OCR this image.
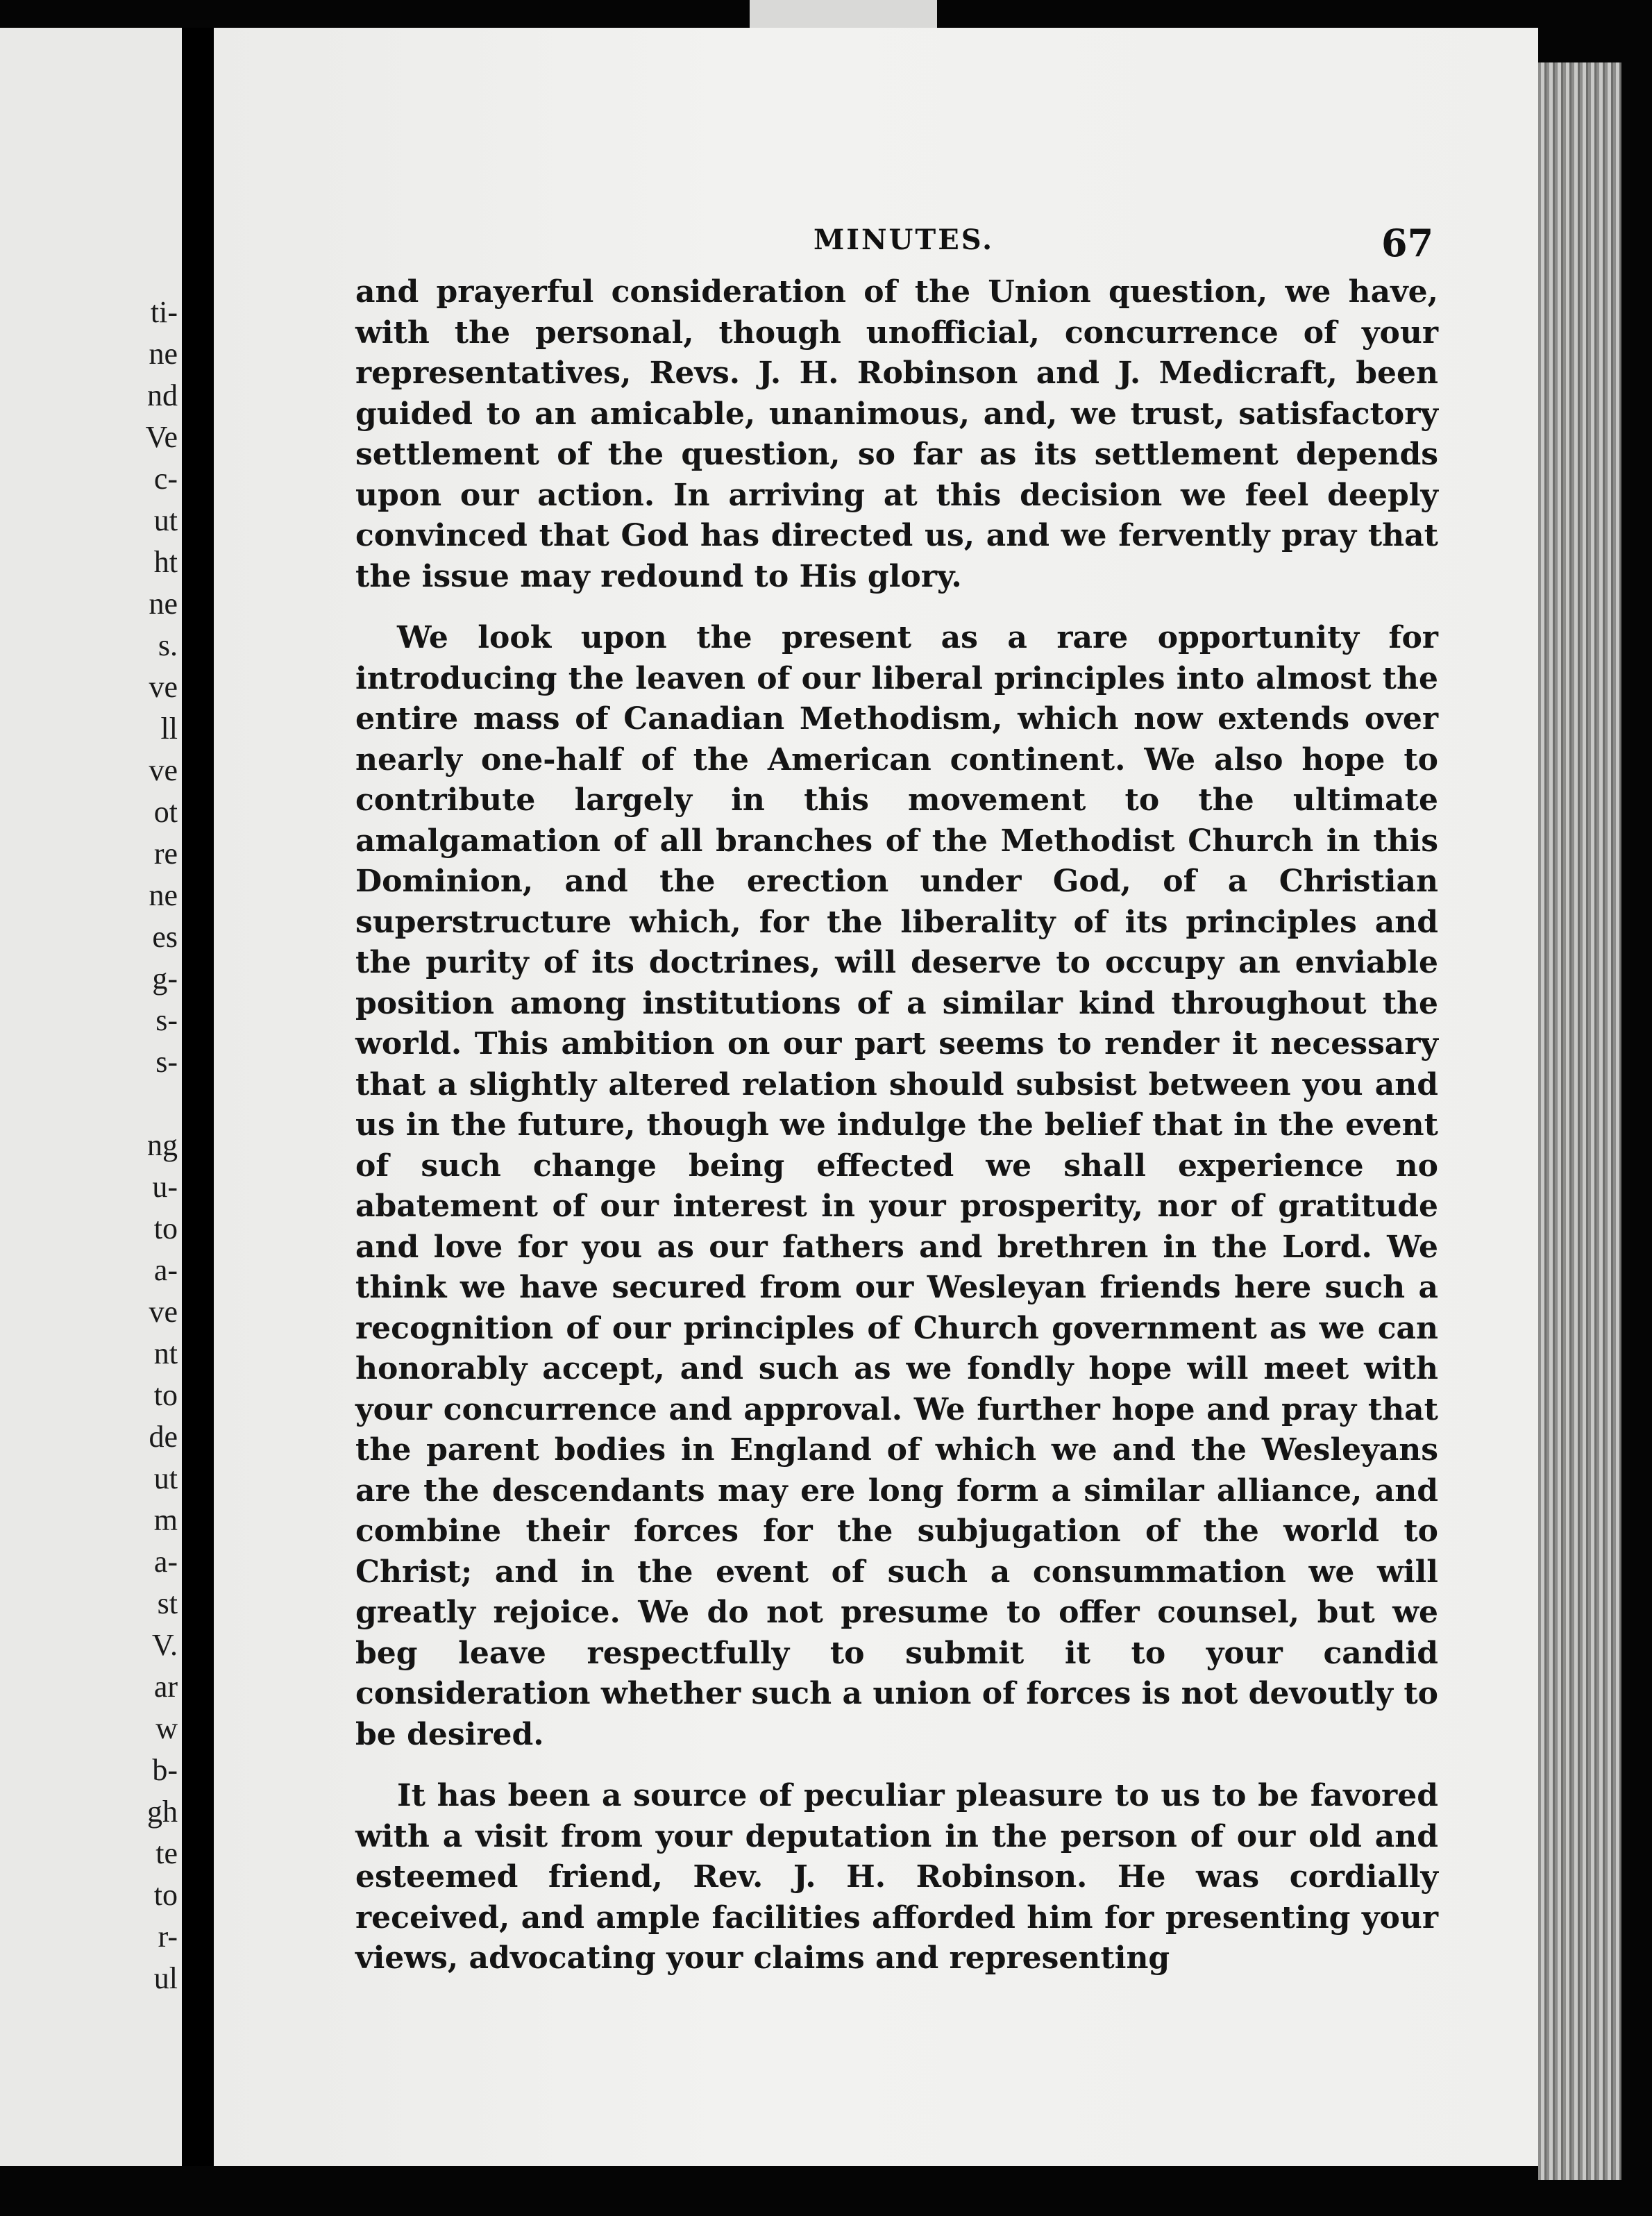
ti-
ne
nd
Ve
c-
ut
ht
ne
s.
ve
ll
ve
ot
re
ne
es
g-
s-
s-
ng
u-
to
a-
ve
nt
to
de
ut
m
a-
st
V.
ar
w
b-
gh
te
to
r-
ul
MINUTES.	67

and prayerful consideration of the Union question, we have, with the personal, though unofficial, concurrence of your representatives, Revs. J. H. Robinson and J. Medicraft, been guided to an amicable, unanimous, and, we trust, satisfactory settlement of the question, so far as its settlement depends upon our action. In arriving at this decision we feel deeply convinced that God has directed us, and we fervently pray that the issue may redound to His glory.

We look upon the present as a rare opportunity for introducing the leaven of our liberal principles into almost the entire mass of Canadian Methodism, which now extends over nearly one-half of the American continent. We also hope to contribute largely in this movement to the ultimate amalgamation of all branches of the Methodist Church in this Dominion, and the erection under God, of a Christian superstructure which, for the liberality of its principles and the purity of its doctrines, will deserve to occupy an enviable position among institutions of a similar kind throughout the world. This ambition on our part seems to render it necessary that a slightly altered relation should subsist between you and us in the future, though we indulge the belief that in the event of such change being effected we shall experience no abatement of our interest in your prosperity, nor of gratitude and love for you as our fathers and brethren in the Lord. We think we have secured from our Wesleyan friends here such a recognition of our principles of Church government as we can honorably accept, and such as we fondly hope will meet with your concurrence and approval. We further hope and pray that the parent bodies in England of which we and the Wesleyans are the descendants may ere long form a similar alliance, and combine their forces for the subjugation of the world to Christ; and in the event of such a consummation we will greatly rejoice. We do not presume to offer counsel, but we beg leave respectfully to submit it to your candid consideration whether such a union of forces is not devoutly to be desired.

It has been a source of peculiar pleasure to us to be favored with a visit from your deputation in the person of our old and esteemed friend, Rev. J. H. Robinson. He was cordially received, and ample facilities afforded him for presenting your views, advocating your claims and representing
